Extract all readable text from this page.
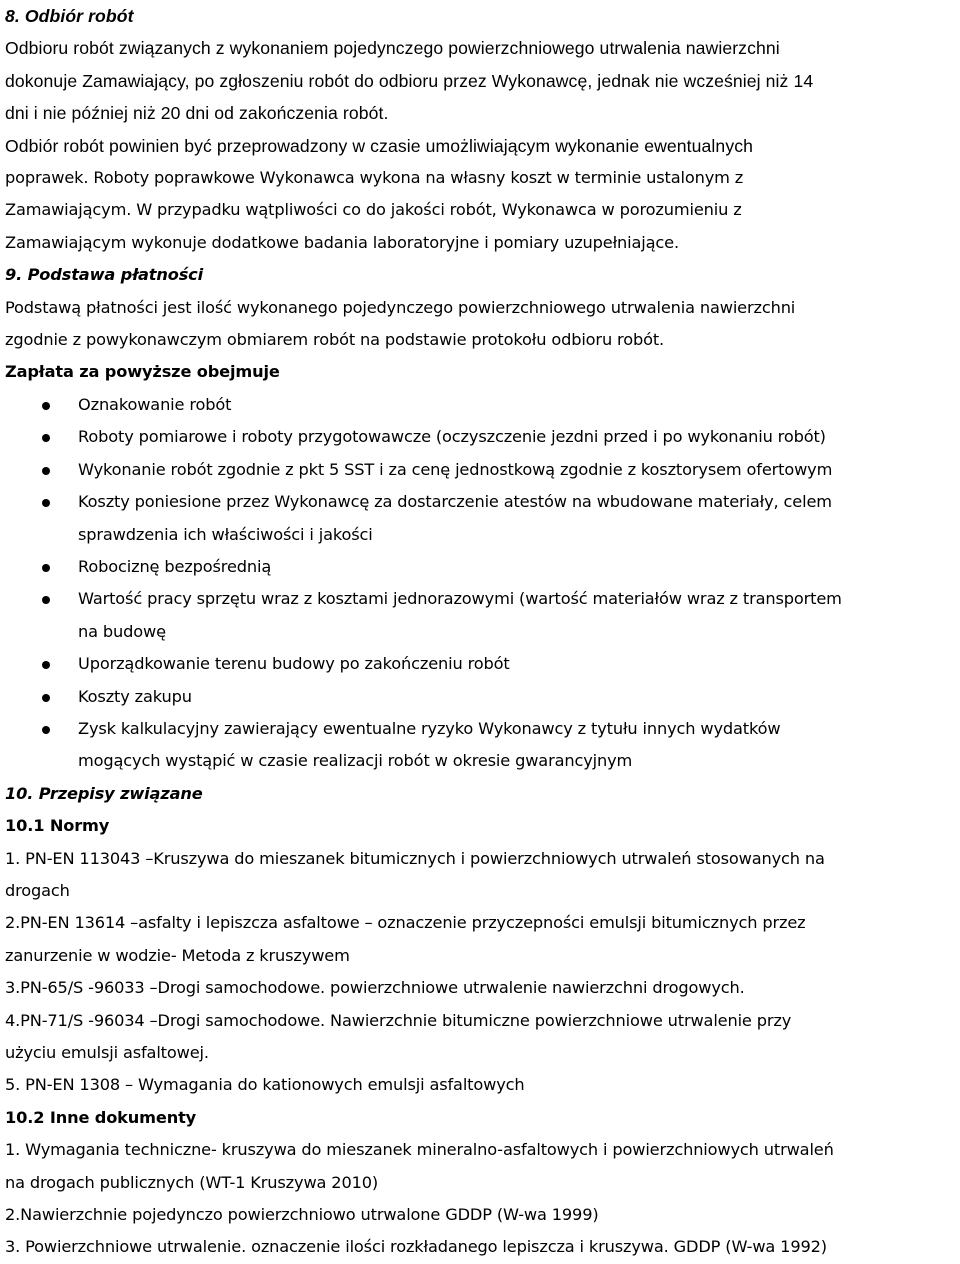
8. Odbiór robót
Odbioru robót związanych z wykonaniem pojedynczego powierzchniowego utrwalenia nawierzchni
dokonuje Zamawiający, po zgłoszeniu robót do odbioru przez Wykonawcę, jednak nie wcześniej niż 14
dni i nie później niż 20 dni od zakończenia robót.
Odbiór robót powinien być przeprowadzony w czasie umożliwiającym wykonanie ewentualnych
poprawek. Roboty poprawkowe Wykonawca wykona na własny koszt w terminie ustalonym z
Zamawiającym. W przypadku wątpliwości co do jakości robót, Wykonawca w porozumieniu z
Zamawiającym wykonuje dodatkowe badania laboratoryjne i pomiary uzupełniające.
9. Podstawa płatności
Podstawą płatności jest ilość wykonanego pojedynczego powierzchniowego utrwalenia nawierzchni
zgodnie z powykonawczym obmiarem robót na podstawie protokołu odbioru robót.
Zapłata za powyższe obejmuje
Oznakowanie robót
Roboty pomiarowe i roboty przygotowawcze (oczyszczenie jezdni przed i po wykonaniu robót)
Wykonanie robót zgodnie z pkt 5 SST i za cenę jednostkową zgodnie z kosztorysem ofertowym
Koszty poniesione przez Wykonawcę za dostarczenie atestów na wbudowane materiały, celem
sprawdzenia ich właściwości i jakości
Robociznę bezpośrednią
Wartość pracy sprzętu wraz z kosztami jednorazowymi (wartość materiałów wraz z transportem
na budowę
Uporządkowanie terenu budowy po zakończeniu robót
Koszty zakupu
Zysk kalkulacyjny zawierający ewentualne ryzyko Wykonawcy z tytułu innych wydatków
mogących wystąpić w czasie realizacji robót w okresie gwarancyjnym
10. Przepisy związane
10.1 Normy
1. PN-EN 113043 –Kruszywa do mieszanek bitumicznych i powierzchniowych utrwaleń stosowanych na
drogach
2.PN-EN 13614 –asfalty i lepiszcza asfaltowe – oznaczenie przyczepności emulsji bitumicznych przez
zanurzenie w wodzie- Metoda z kruszywem
3.PN-65/S -96033 –Drogi samochodowe. powierzchniowe utrwalenie nawierzchni drogowych.
4.PN-71/S -96034 –Drogi samochodowe. Nawierzchnie bitumiczne powierzchniowe utrwalenie przy
użyciu emulsji asfaltowej.
5. PN-EN 1308 – Wymagania do kationowych emulsji asfaltowych
10.2 Inne dokumenty
1. Wymagania techniczne- kruszywa do mieszanek mineralno-asfaltowych i powierzchniowych utrwaleń
na drogach publicznych (WT-1 Kruszywa 2010)
2.Nawierzchnie pojedynczo powierzchniowo utrwalone GDDP (W-wa 1999)
3. Powierzchniowe utrwalenie. oznaczenie ilości rozkładanego lepiszcza i kruszywa. GDDP (W-wa 1992)
